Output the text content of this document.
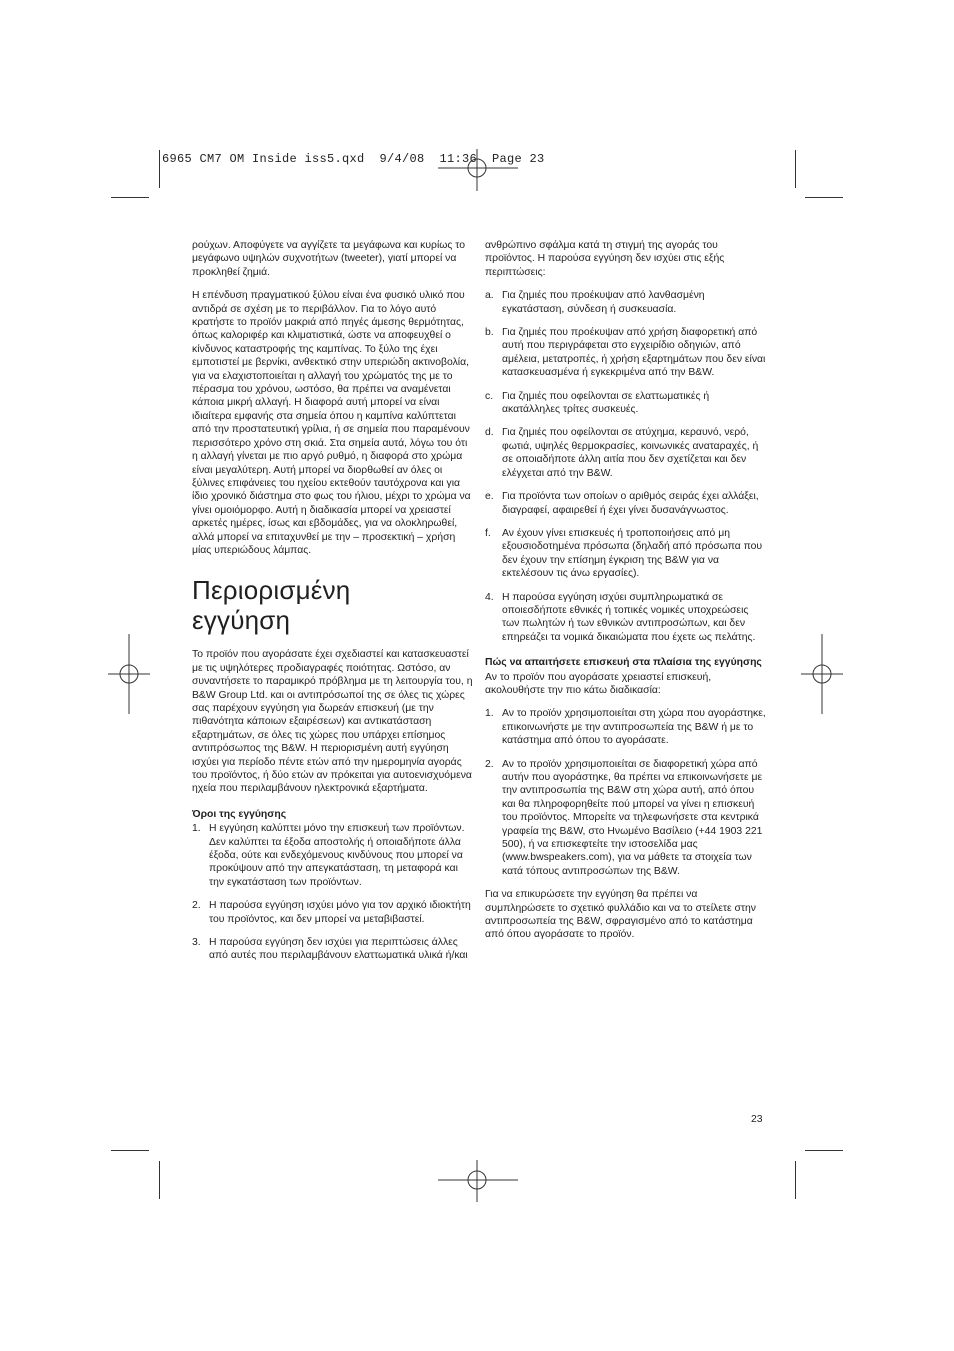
6965 CM7 OM Inside iss5.qxd  9/4/08  11:36  Page 23

ρούχων. Αποφύγετε να αγγίζετε τα μεγάφωνα και κυρίως το μεγάφωνο υψηλών συχνοτήτων (tweeter), γιατί μπορεί να προκληθεί ζημιά.

Η επένδυση πραγματικού ξύλου είναι ένα φυσικό υλικό που αντιδρά σε σχέση με το περιβάλλον. Για το λόγο αυτό κρατήστε το προϊόν μακριά από πηγές άμεσης θερμότητας, όπως καλοριφέρ και κλιματιστικά, ώστε να αποφευχθεί ο κίνδυνος καταστροφής της καμπίνας. Το ξύλο της έχει εμποτιστεί με βερνίκι, ανθεκτικό στην υπεριώδη ακτινοβολία, για να ελαχιστοποιείται η αλλαγή του χρώματός της με το πέρασμα του χρόνου, ωστόσο, θα πρέπει να αναμένεται κάποια μικρή αλλαγή. Η διαφορά αυτή μπορεί να είναι ιδιαίτερα εμφανής στα σημεία όπου η καμπίνα καλύπτεται από την προστατευτική γρίλια, ή σε σημεία που παραμένουν περισσότερο χρόνο στη σκιά. Στα σημεία αυτά, λόγω του ότι η αλλαγή γίνεται με πιο αργό ρυθμό, η διαφορά στο χρώμα είναι μεγαλύτερη. Αυτή μπορεί να διορθωθεί αν όλες οι ξύλινες επιφάνειες του ηχείου εκτεθούν ταυτόχρονα και για ίδιο χρονικό διάστημα στο φως του ήλιου, μέχρι το χρώμα να γίνει ομοιόμορφο. Αυτή η διαδικασία μπορεί να χρειαστεί αρκετές ημέρες, ίσως και εβδομάδες, για να ολοκληρωθεί, αλλά μπορεί να επιταχυνθεί με την – προσεκτική – χρήση μίας υπεριώδους λάμπας.

Περιορισμένη
εγγύηση

Το προϊόν που αγοράσατε έχει σχεδιαστεί και κατασκευαστεί με τις υψηλότερες προδιαγραφές ποιότητας. Ωστόσο, αν συναντήσετε το παραμικρό πρόβλημα με τη λειτουργία του, η B&W Group Ltd. και οι αντιπρόσωποί της σε όλες τις χώρες σας παρέχουν εγγύηση για δωρεάν επισκευή (με την πιθανότητα κάποιων εξαιρέσεων) και αντικατάσταση εξαρτημάτων, σε όλες τις χώρες που υπάρχει επίσημος αντιπρόσωπος της B&W. Η περιορισμένη αυτή εγγύηση ισχύει για περίοδο πέντε ετών από την ημερομηνία αγοράς του προϊόντος, ή δύο ετών αν πρόκειται για αυτοενισχυόμενα ηχεία που περιλαμβάνουν ηλεκτρονικά εξαρτήματα.

Όροι της εγγύησης
1. Η εγγύηση καλύπτει μόνο την επισκευή των προϊόντων. Δεν καλύπτει τα έξοδα αποστολής ή οποιαδήποτε άλλα έξοδα, ούτε και ενδεχόμενους κινδύνους που μπορεί να προκύψουν από την απεγκατάσταση, τη μεταφορά και την εγκατάσταση των προϊόντων.
2. Η παρούσα εγγύηση ισχύει μόνο για τον αρχικό ιδιοκτήτη του προϊόντος, και δεν μπορεί να μεταβιβαστεί.
3. Η παρούσα εγγύηση δεν ισχύει για περιπτώσεις άλλες από αυτές που περιλαμβάνουν ελαττωματικά υλικά ή/και

ανθρώπινο σφάλμα κατά τη στιγμή της αγοράς του προϊόντος. Η παρούσα εγγύηση δεν ισχύει στις εξής περιπτώσεις:

a. Για ζημιές που προέκυψαν από λανθασμένη εγκατάσταση, σύνδεση ή συσκευασία.
b. Για ζημιές που προέκυψαν από χρήση διαφορετική από αυτή που περιγράφεται στο εγχειρίδιο οδηγιών, από αμέλεια, μετατροπές, ή χρήση εξαρτημάτων που δεν είναι κατασκευασμένα ή εγκεκριμένα από την B&W.
c. Για ζημιές που οφείλονται σε ελαττωματικές ή ακατάλληλες τρίτες συσκευές.
d. Για ζημιές που οφείλονται σε ατύχημα, κεραυνό, νερό, φωτιά, υψηλές θερμοκρασίες, κοινωνικές αναταραχές, ή σε οποιαδήποτε άλλη αιτία που δεν σχετίζεται και δεν ελέγχεται από την B&W.
e. Για προϊόντα των οποίων ο αριθμός σειράς έχει αλλάξει, διαγραφεί, αφαιρεθεί ή έχει γίνει δυσανάγνωστος.
f. Αν έχουν γίνει επισκευές ή τροποποιήσεις από μη εξουσιοδοτημένα πρόσωπα (δηλαδή από πρόσωπα που δεν έχουν την επίσημη έγκριση της B&W για να εκτελέσουν τις άνω εργασίες).
4. Η παρούσα εγγύηση ισχύει συμπληρωματικά σε οποιεσδήποτε εθνικές ή τοπικές νομικές υποχρεώσεις των πωλητών ή των εθνικών αντιπροσώπων, και δεν επηρεάζει τα νομικά δικαιώματα που έχετε ως πελάτης.
Πώς να απαιτήσετε επισκευή στα πλαίσια της εγγύησης

Αν το προϊόν που αγοράσατε χρειαστεί επισκευή, ακολουθήστε την πιο κάτω διαδικασία:

1. Αν το προϊόν χρησιμοποιείται στη χώρα που αγοράστηκε, επικοινωνήστε με την αντιπροσωπεία της B&W ή με το κατάστημα από όπου το αγοράσατε.
2. Αν το προϊόν χρησιμοποιείται σε διαφορετική χώρα από αυτήν που αγοράστηκε, θα πρέπει να επικοινωνήσετε με την αντιπροσωπία της B&W στη χώρα αυτή, από όπου και θα πληροφορηθείτε πού μπορεί να γίνει η επισκευή του προϊόντος. Μπορείτε να τηλεφωνήσετε στα κεντρικά γραφεία της B&W, στο Ηνωμένο Βασίλειο (+44 1903 221 500), ή να επισκεφτείτε την ιστοσελίδα μας (www.bwspeakers.com), για να μάθετε τα στοιχεία των κατά τόπους αντιπροσώπων της B&W.

Για να επικυρώσετε την εγγύηση θα πρέπει να συμπληρώσετε το σχετικό φυλλάδιο και να το στείλετε στην αντιπροσωπεία της B&W, σφραγισμένο από το κατάστημα από όπου αγοράσατε το προϊόν.

23
